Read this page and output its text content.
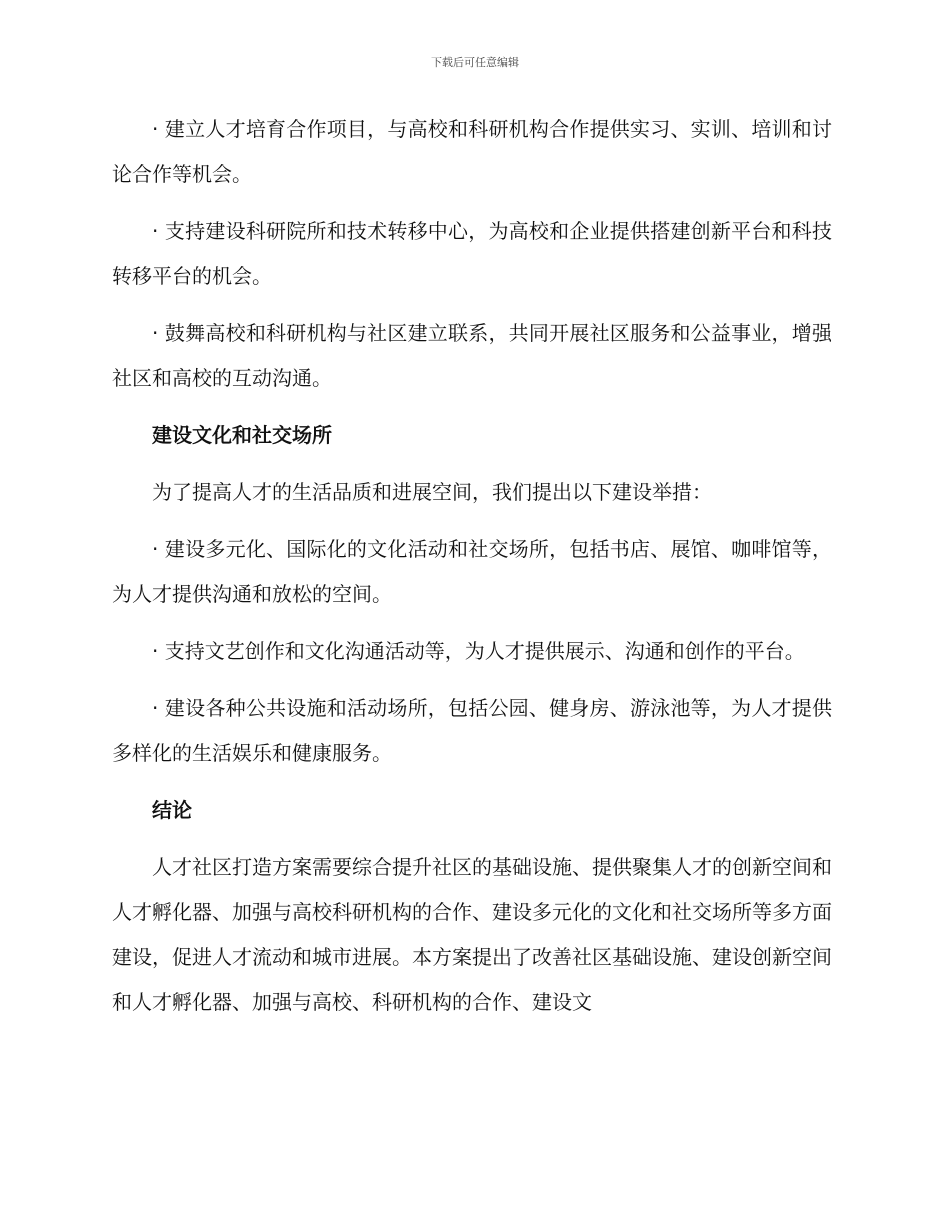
下载后可任意编辑

· 建立人才培育合作项目，与高校和科研机构合作提供实习、实训、培训和讨论合作等机会。

· 支持建设科研院所和技术转移中心，为高校和企业提供搭建创新平台和科技转移平台的机会。

· 鼓舞高校和科研机构与社区建立联系，共同开展社区服务和公益事业，增强社区和高校的互动沟通。

建设文化和社交场所

为了提高人才的生活品质和进展空间，我们提出以下建设举措：

· 建设多元化、国际化的文化活动和社交场所，包括书店、展馆、咖啡馆等，为人才提供沟通和放松的空间。

· 支持文艺创作和文化沟通活动等，为人才提供展示、沟通和创作的平台。

· 建设各种公共设施和活动场所，包括公园、健身房、游泳池等，为人才提供多样化的生活娱乐和健康服务。

结论

人才社区打造方案需要综合提升社区的基础设施、提供聚集人才的创新空间和人才孵化器、加强与高校科研机构的合作、建设多元化的文化和社交场所等多方面建设，促进人才流动和城市进展。本方案提出了改善社区基础设施、建设创新空间和人才孵化器、加强与高校、科研机构的合作、建设文
